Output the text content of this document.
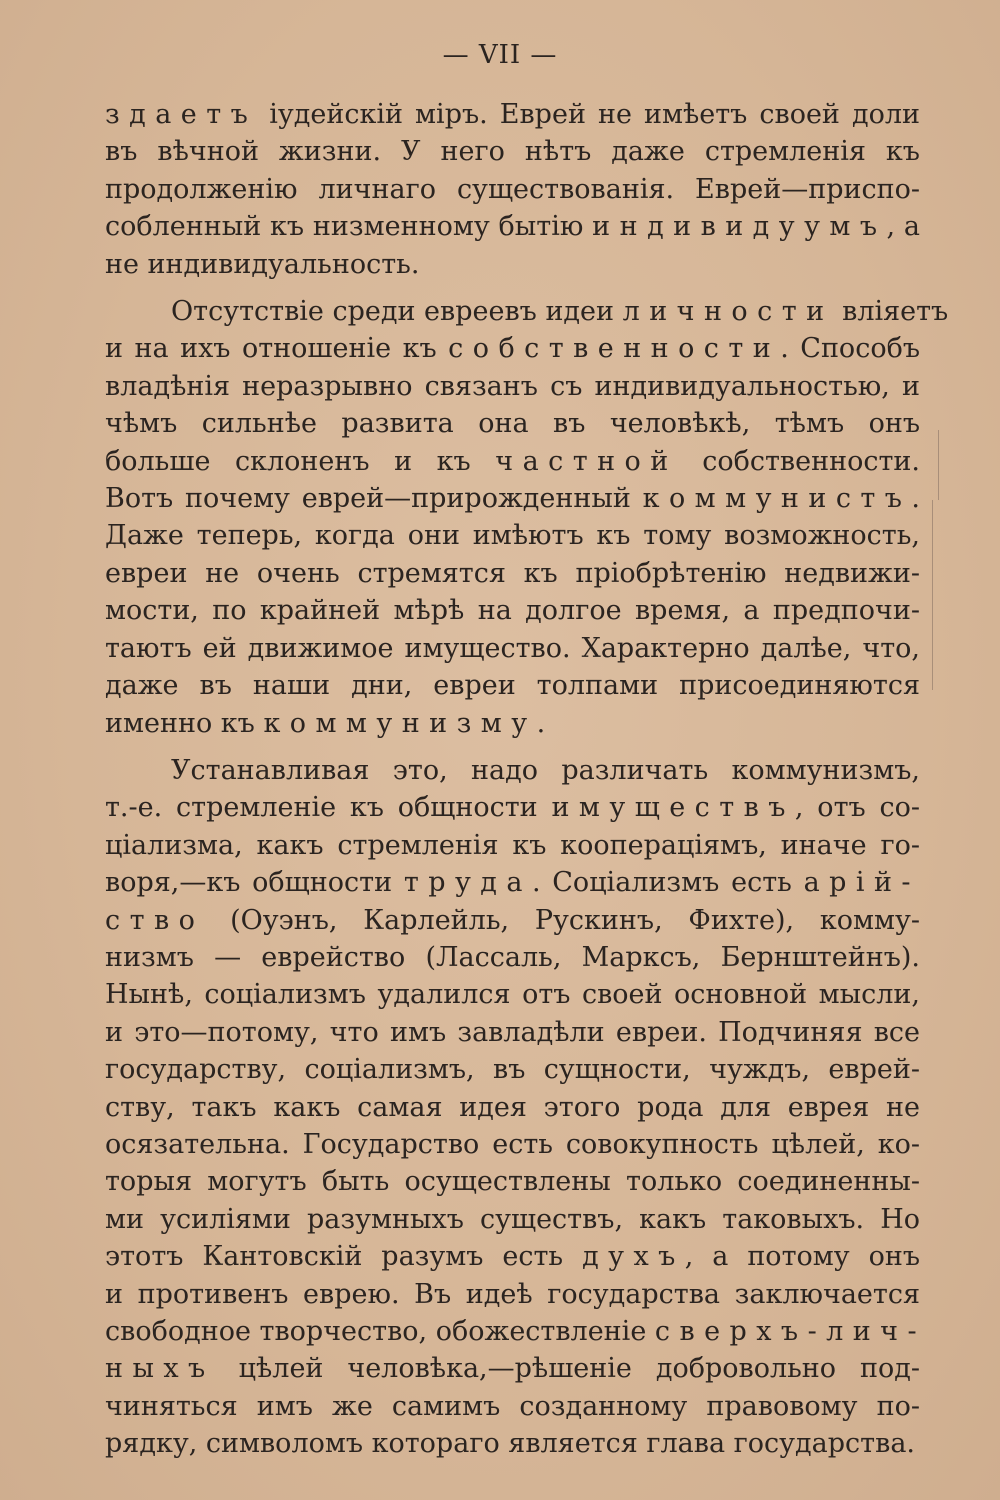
— VII —
здаетъ іудейскій міръ. Еврей не имѣетъ своей доли
въ вѣчной жизни. У него нѣтъ даже стремленія къ
продолженію личнаго существованія. Еврей—приспо-
собленный къ низменному бытію индивидуумъ, а
не индивидуальность.
Отсутствіе среди евреевъ идеи личности вліяетъ
и на ихъ отношеніе къ собственности. Способъ
владѣнія неразрывно связанъ съ индивидуальностью, и
чѣмъ сильнѣе развита она въ человѣкѣ, тѣмъ онъ
больше склоненъ и къ частной собственности.
Вотъ почему еврей—прирожденный коммунистъ.
Даже теперь, когда они имѣютъ къ тому возможность,
евреи не очень стремятся къ пріобрѣтенію недвижи-
мости, по крайней мѣрѣ на долгое время, а предпочи-
таютъ ей движимое имущество. Характерно далѣе, что,
даже въ наши дни, евреи толпами присоединяются
именно къ коммунизму.
Устанавливая это, надо различать коммунизмъ,
т.-е. стремленіе къ общности имуществъ, отъ со-
ціализма, какъ стремленія къ кооперацiямъ, иначе го-
воря,—къ общности труда. Соціализмъ есть арій-
ство (Оуэнъ, Карлейль, Рускинъ, Фихте), комму-
низмъ — еврейство (Лассаль, Марксъ, Бернштейнъ).
Нынѣ, соціализмъ удалился отъ своей основной мысли,
и это—потому, что имъ завладѣли евреи. Подчиняя все
государству, соціализмъ, въ сущности, чуждъ, еврей-
ству, такъ какъ самая идея этого рода для еврея не
осязательна. Государство есть совокупность цѣлей, ко-
торыя могутъ быть осуществлены только соединенны-
ми усиліями разумныхъ существъ, какъ таковыхъ. Но
этотъ Кантовскій разумъ есть духъ, а потому онъ
и противенъ еврею. Въ идеѣ государства заключается
свободное творчество, обожествленіе сверхъ-лич-
ныхъ цѣлей человѣка,—рѣшеніе добровольно под-
чиняться имъ же самимъ созданному правовому по-
рядку, символомъ котораго является глава государства.
